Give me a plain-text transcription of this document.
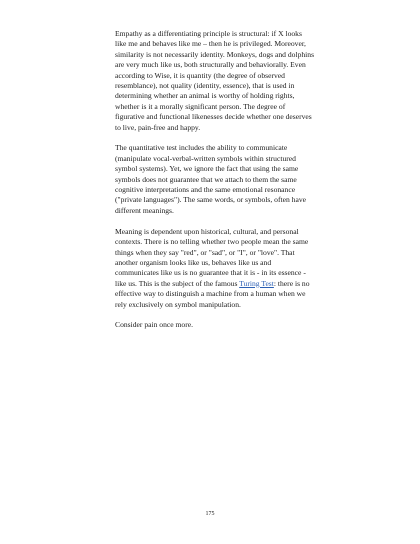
Empathy as a differentiating principle is structural: if X looks like me and behaves like me – then he is privileged. Moreover, similarity is not necessarily identity. Monkeys, dogs and dolphins are very much like us, both structurally and behaviorally. Even according to Wise, it is quantity (the degree of observed resemblance), not quality (identity, essence), that is used in determining whether an animal is worthy of holding rights, whether is it a morally significant person. The degree of figurative and functional likenesses decide whether one deserves to live, pain-free and happy.

The quantitative test includes the ability to communicate (manipulate vocal-verbal-written symbols within structured symbol systems). Yet, we ignore the fact that using the same symbols does not guarantee that we attach to them the same cognitive interpretations and the same emotional resonance ("private languages"). The same words, or symbols, often have different meanings.

Meaning is dependent upon historical, cultural, and personal contexts. There is no telling whether two people mean the same things when they say "red", or "sad", or "I", or "love". That another organism looks like us, behaves like us and communicates like us is no guarantee that it is - in its essence - like us. This is the subject of the famous Turing Test: there is no effective way to distinguish a machine from a human when we rely exclusively on symbol manipulation.

Consider pain once more.

175
